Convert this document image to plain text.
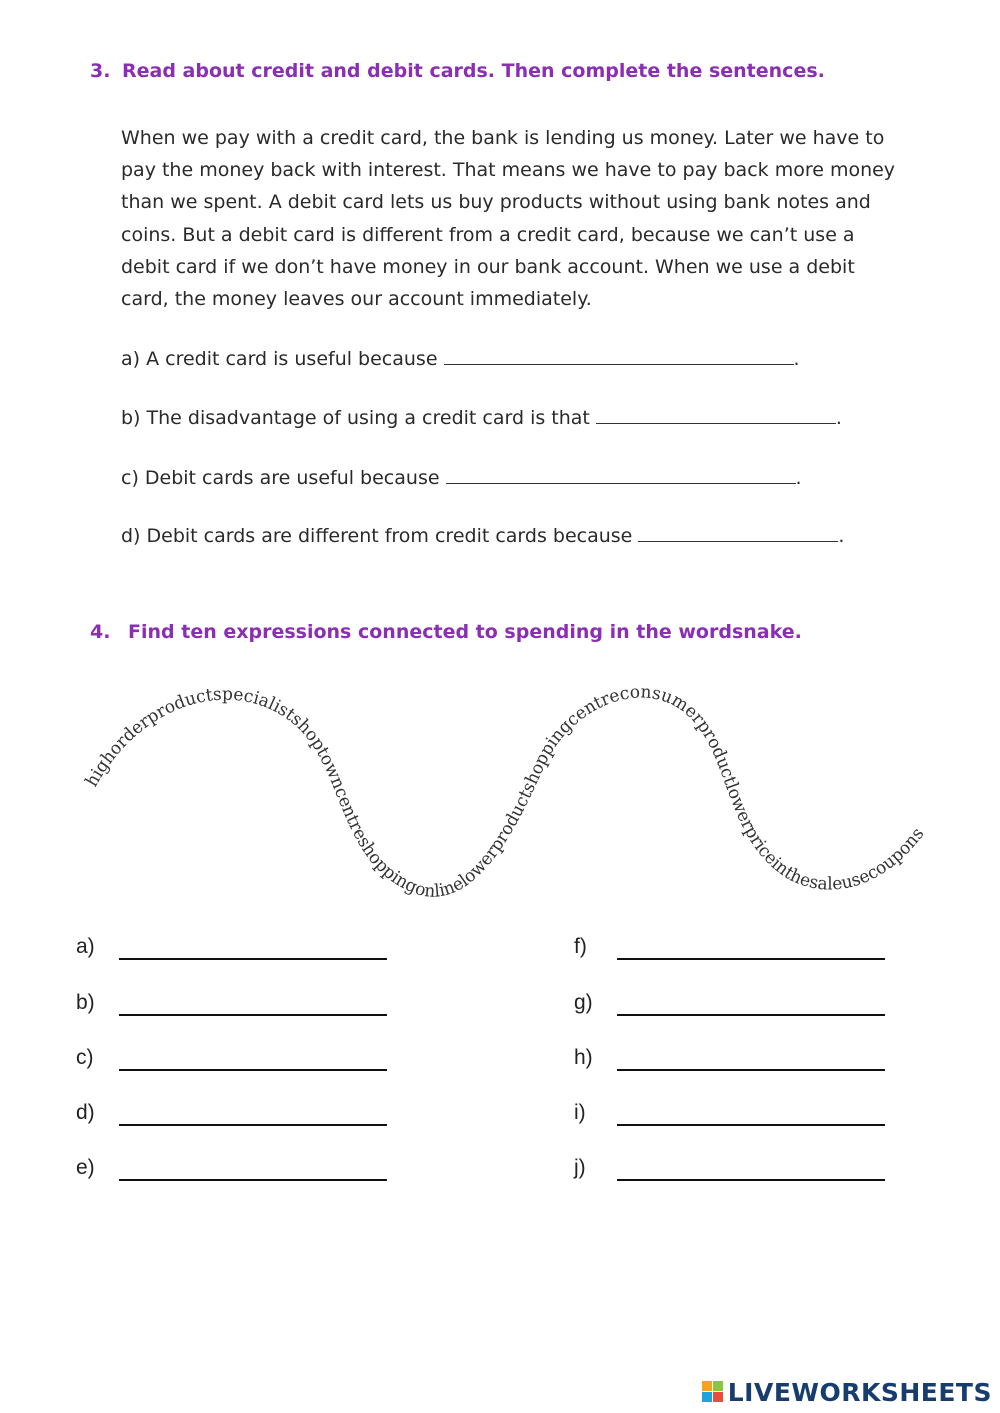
3. Read about credit and debit cards. Then complete the sentences.
When we pay with a credit card, the bank is lending us money. Later we have to
pay the money back with interest. That means we have to pay back more money
than we spent. A debit card lets us buy products without using bank notes and
coins. But a debit card is different from a credit card, because we can’t use a
debit card if we don’t have money in our bank account. When we use a debit
card, the money leaves our account immediately.
a) A credit card is useful because	.
b) The disadvantage of using a credit card is that	.
c) Debit cards are useful because	.
d) Debit cards are different from credit cards because	.
4. Find ten expressions connected to spending in the wordsnake.
highorderproductspecialistshoptowncentreshoppingonlinelowerproductshoppingcentreconsumerproductlowerpriceinthesaleusecoupons
a)
b)
c)
d)
e)
f)
g)
h)
i)
j)
LIVEWORKSHEETS
